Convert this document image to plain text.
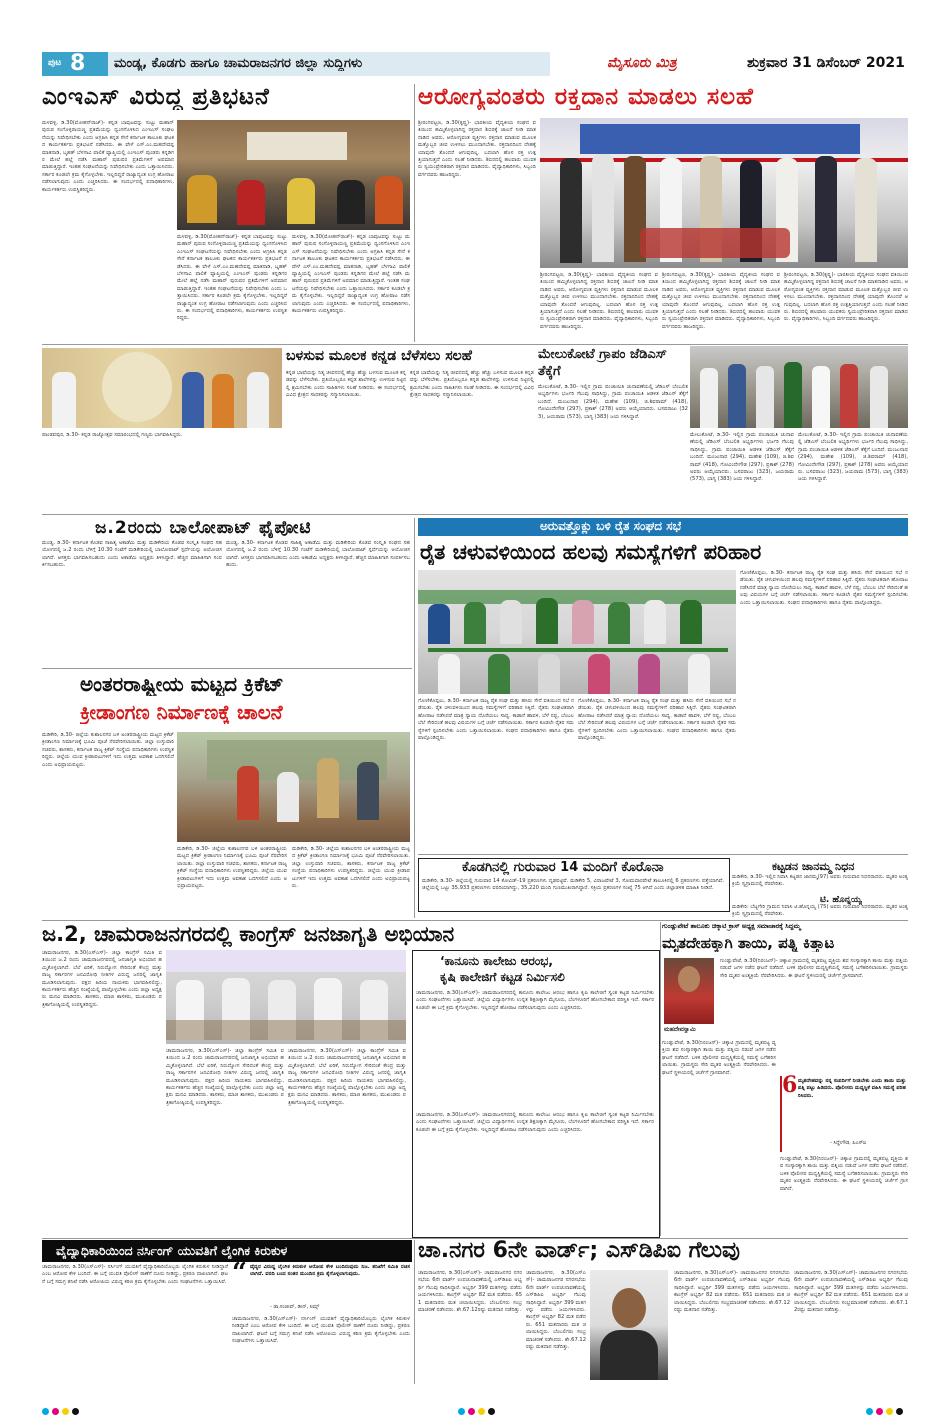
ಪುಟ 8 ಮಂಡ್ಯ, ಕೊಡಗು ಹಾಗೂ ಚಾಮರಾಜನಗರ ಜಿಲ್ಲಾ ಸುದ್ದಿಗಳು	ಮೈಸೂರು ಮಿತ್ರ	ಶುಕ್ರವಾರ 31 ಡಿಸೆಂಬರ್ 2021
ಎಂಇಎಸ್ ವಿರುದ್ಧ ಪ್ರತಿಭಟನೆ	ಆರೋಗ್ಯವಂತರು ರಕ್ತದಾನ ಮಾಡಲು ಸಲಹೆ
ಮಳವಳ್ಳಿ, ಡಿ.30(ಮೋಹನ್‌ರಾಜ್)- ಕನ್ನಡ ಬಾವುಟವನ್ನು ಸುಟ್ಟು ಮಹಾನ್ ಪುರುಷ ಸಂಗೊಳ್ಳಿರಾಯಣ್ಣ ಪ್ರತಿಮೆಯನ್ನು ಧ್ವಂಸಗೊಳಿಸಿದ ಎಂಇಎಸ್ ಸಂಘಟನೆಯನ್ನು ನಿಷೇಧಿಸಬೇಕು ಎಂದು ಆಗ್ರಹಿಸಿ ಕನ್ನಡ ಸೇನೆ ಕರ್ನಾಟಕ ತಾಲೂಕು ಘಟಕದ ಕಾರ್ಯಕರ್ತರು ಪ್ರತಿಭಟನೆ ನಡೆಸಿದರು. ಈ ವೇಳೆ ಎಸ್.ಎಂ.ಮಹದೇವಪ್ಪ ಮಾತನಾಡಿ, ಬೃಹತ್ ಬೆಳಗಾವಿ ಪಾಲಿಕೆ ವ್ಯಾಪ್ತಿಯಲ್ಲಿ ಎಂಇಎಸ್ ಪುಂಡರು ಕನ್ನಡಿಗರ ಮೇಲೆ ಹಲ್ಲೆ ನಡೆಸಿ ಮಹಾನ್ ಪುರುಷರ ಪ್ರತಿಮೆಗಳಿಗೆ ಅಪಮಾನ ಮಾಡುತ್ತಿದ್ದಾರೆ. ಇಂತಹ ಸಂಘಟನೆಯನ್ನು ನಿಷೇಧಿಸಬೇಕು ಎಂದು ಒತ್ತಾಯಿಸಿದರು. ಸರ್ಕಾರ ಕೂಡಲೇ ಕ್ರಮ ಕೈಗೊಳ್ಳಬೇಕು. ಇಲ್ಲದಿದ್ದರೆ ರಾಜ್ಯಾದ್ಯಂತ ಉಗ್ರ ಹೋರಾಟ ನಡೆಸಲಾಗುವುದು ಎಂದು ಎಚ್ಚರಿಸಿದರು. ಈ ಸಂದರ್ಭದಲ್ಲಿ ಪದಾಧಿಕಾರಿಗಳು, ಕಾರ್ಯಕರ್ತರು ಉಪಸ್ಥಿತರಿದ್ದರು.
ಮಳವಳ್ಳಿ, ಡಿ.30(ಮೋಹನ್‌ರಾಜ್)- ಕನ್ನಡ ಬಾವುಟವನ್ನು ಸುಟ್ಟು ಮಹಾನ್ ಪುರುಷ ಸಂಗೊಳ್ಳಿರಾಯಣ್ಣ ಪ್ರತಿಮೆಯನ್ನು ಧ್ವಂಸಗೊಳಿಸಿದ ಎಂಇಎಸ್ ಸಂಘಟನೆಯನ್ನು ನಿಷೇಧಿಸಬೇಕು ಎಂದು ಆಗ್ರಹಿಸಿ ಕನ್ನಡ ಸೇನೆ ಕರ್ನಾಟಕ ತಾಲೂಕು ಘಟಕದ ಕಾರ್ಯಕರ್ತರು ಪ್ರತಿಭಟನೆ ನಡೆಸಿದರು. ಈ ವೇಳೆ ಎಸ್.ಎಂ.ಮಹದೇವಪ್ಪ ಮಾತನಾಡಿ, ಬೃಹತ್ ಬೆಳಗಾವಿ ಪಾಲಿಕೆ ವ್ಯಾಪ್ತಿಯಲ್ಲಿ ಎಂಇಎಸ್ ಪುಂಡರು ಕನ್ನಡಿಗರ ಮೇಲೆ ಹಲ್ಲೆ ನಡೆಸಿ ಮಹಾನ್ ಪುರುಷರ ಪ್ರತಿಮೆಗಳಿಗೆ ಅಪಮಾನ ಮಾಡುತ್ತಿದ್ದಾರೆ. ಇಂತಹ ಸಂಘಟನೆಯನ್ನು ನಿಷೇಧಿಸಬೇಕು ಎಂದು ಒತ್ತಾಯಿಸಿದರು. ಸರ್ಕಾರ ಕೂಡಲೇ ಕ್ರಮ ಕೈಗೊಳ್ಳಬೇಕು. ಇಲ್ಲದಿದ್ದರೆ ರಾಜ್ಯಾದ್ಯಂತ ಉಗ್ರ ಹೋರಾಟ ನಡೆಸಲಾಗುವುದು ಎಂದು ಎಚ್ಚರಿಸಿದರು. ಈ ಸಂದರ್ಭದಲ್ಲಿ ಪದಾಧಿಕಾರಿಗಳು, ಕಾರ್ಯಕರ್ತರು ಉಪಸ್ಥಿತರಿದ್ದರು.
ಮಳವಳ್ಳಿ, ಡಿ.30(ಮೋಹನ್‌ರಾಜ್)- ಕನ್ನಡ ಬಾವುಟವನ್ನು ಸುಟ್ಟು ಮಹಾನ್ ಪುರುಷ ಸಂಗೊಳ್ಳಿರಾಯಣ್ಣ ಪ್ರತಿಮೆಯನ್ನು ಧ್ವಂಸಗೊಳಿಸಿದ ಎಂಇಎಸ್ ಸಂಘಟನೆಯನ್ನು ನಿಷೇಧಿಸಬೇಕು ಎಂದು ಆಗ್ರಹಿಸಿ ಕನ್ನಡ ಸೇನೆ ಕರ್ನಾಟಕ ತಾಲೂಕು ಘಟಕದ ಕಾರ್ಯಕರ್ತರು ಪ್ರತಿಭಟನೆ ನಡೆಸಿದರು. ಈ ವೇಳೆ ಎಸ್.ಎಂ.ಮಹದೇವಪ್ಪ ಮಾತನಾಡಿ, ಬೃಹತ್ ಬೆಳಗಾವಿ ಪಾಲಿಕೆ ವ್ಯಾಪ್ತಿಯಲ್ಲಿ ಎಂಇಎಸ್ ಪುಂಡರು ಕನ್ನಡಿಗರ ಮೇಲೆ ಹಲ್ಲೆ ನಡೆಸಿ ಮಹಾನ್ ಪುರುಷರ ಪ್ರತಿಮೆಗಳಿಗೆ ಅಪಮಾನ ಮಾಡುತ್ತಿದ್ದಾರೆ. ಇಂತಹ ಸಂಘಟನೆಯನ್ನು ನಿಷೇಧಿಸಬೇಕು ಎಂದು ಒತ್ತಾಯಿಸಿದರು. ಸರ್ಕಾರ ಕೂಡಲೇ ಕ್ರಮ ಕೈಗೊಳ್ಳಬೇಕು. ಇಲ್ಲದಿದ್ದರೆ ರಾಜ್ಯಾದ್ಯಂತ ಉಗ್ರ ಹೋರಾಟ ನಡೆಸಲಾಗುವುದು ಎಂದು ಎಚ್ಚರಿಸಿದರು. ಈ ಸಂದರ್ಭದಲ್ಲಿ ಪದಾಧಿಕಾರಿಗಳು, ಕಾರ್ಯಕರ್ತರು ಉಪಸ್ಥಿತರಿದ್ದರು.
ಶ್ರೀರಂಗಪಟ್ಟಣ, ಡಿ.30(ಕೃಷ್ಣ)- ಭಾರತೀಯ ವೈದ್ಯಕೀಯ ಸಂಘದ ವತಿಯಿಂದ ಹಮ್ಮಿಕೊಳ್ಳಲಾಗಿದ್ದ ರಕ್ತದಾನ ಶಿಬಿರಕ್ಕೆ ಚಾಲನೆ ನೀಡಿ ಮಾತನಾಡಿದ ಅವರು, ಆರೋಗ್ಯವಂತ ವ್ಯಕ್ತಿಗಳು ರಕ್ತದಾನ ಮಾಡುವ ಮೂಲಕ ಮತ್ತೊಬ್ಬರ ಜೀವ ಉಳಿಸಲು ಮುಂದಾಗಬೇಕು. ರಕ್ತದಾನದಿಂದ ದೇಹಕ್ಕೆ ಯಾವುದೇ ತೊಂದರೆ ಆಗುವುದಿಲ್ಲ. ಬದಲಾಗಿ ಹೊಸ ರಕ್ತ ಉತ್ಪತ್ತಿಯಾಗುತ್ತದೆ ಎಂದು ಸಲಹೆ ನೀಡಿದರು. ಶಿಬಿರದಲ್ಲಿ ಹಲವಾರು ಯುವಕರು ಸ್ವಯಂಪ್ರೇರಿತರಾಗಿ ರಕ್ತದಾನ ಮಾಡಿದರು. ವೈದ್ಯಾಧಿಕಾರಿಗಳು, ಸಿಬ್ಬಂದಿ ವರ್ಗದವರು ಹಾಜರಿದ್ದರು.
ಶ್ರೀರಂಗಪಟ್ಟಣ, ಡಿ.30(ಕೃಷ್ಣ)- ಭಾರತೀಯ ವೈದ್ಯಕೀಯ ಸಂಘದ ವತಿಯಿಂದ ಹಮ್ಮಿಕೊಳ್ಳಲಾಗಿದ್ದ ರಕ್ತದಾನ ಶಿಬಿರಕ್ಕೆ ಚಾಲನೆ ನೀಡಿ ಮಾತನಾಡಿದ ಅವರು, ಆರೋಗ್ಯವಂತ ವ್ಯಕ್ತಿಗಳು ರಕ್ತದಾನ ಮಾಡುವ ಮೂಲಕ ಮತ್ತೊಬ್ಬರ ಜೀವ ಉಳಿಸಲು ಮುಂದಾಗಬೇಕು. ರಕ್ತದಾನದಿಂದ ದೇಹಕ್ಕೆ ಯಾವುದೇ ತೊಂದರೆ ಆಗುವುದಿಲ್ಲ. ಬದಲಾಗಿ ಹೊಸ ರಕ್ತ ಉತ್ಪತ್ತಿಯಾಗುತ್ತದೆ ಎಂದು ಸಲಹೆ ನೀಡಿದರು. ಶಿಬಿರದಲ್ಲಿ ಹಲವಾರು ಯುವಕರು ಸ್ವಯಂಪ್ರೇರಿತರಾಗಿ ರಕ್ತದಾನ ಮಾಡಿದರು. ವೈದ್ಯಾಧಿಕಾರಿಗಳು, ಸಿಬ್ಬಂದಿ ವರ್ಗದವರು ಹಾಜರಿದ್ದರು.
ಶ್ರೀರಂಗಪಟ್ಟಣ, ಡಿ.30(ಕೃಷ್ಣ)- ಭಾರತೀಯ ವೈದ್ಯಕೀಯ ಸಂಘದ ವತಿಯಿಂದ ಹಮ್ಮಿಕೊಳ್ಳಲಾಗಿದ್ದ ರಕ್ತದಾನ ಶಿಬಿರಕ್ಕೆ ಚಾಲನೆ ನೀಡಿ ಮಾತನಾಡಿದ ಅವರು, ಆರೋಗ್ಯವಂತ ವ್ಯಕ್ತಿಗಳು ರಕ್ತದಾನ ಮಾಡುವ ಮೂಲಕ ಮತ್ತೊಬ್ಬರ ಜೀವ ಉಳಿಸಲು ಮುಂದಾಗಬೇಕು. ರಕ್ತದಾನದಿಂದ ದೇಹಕ್ಕೆ ಯಾವುದೇ ತೊಂದರೆ ಆಗುವುದಿಲ್ಲ. ಬದಲಾಗಿ ಹೊಸ ರಕ್ತ ಉತ್ಪತ್ತಿಯಾಗುತ್ತದೆ ಎಂದು ಸಲಹೆ ನೀಡಿದರು. ಶಿಬಿರದಲ್ಲಿ ಹಲವಾರು ಯುವಕರು ಸ್ವಯಂಪ್ರೇರಿತರಾಗಿ ರಕ್ತದಾನ ಮಾಡಿದರು. ವೈದ್ಯಾಧಿಕಾರಿಗಳು, ಸಿಬ್ಬಂದಿ ವರ್ಗದವರು ಹಾಜರಿದ್ದರು.
ಶ್ರೀರಂಗಪಟ್ಟಣ, ಡಿ.30(ಕೃಷ್ಣ)- ಭಾರತೀಯ ವೈದ್ಯಕೀಯ ಸಂಘದ ವತಿಯಿಂದ ಹಮ್ಮಿಕೊಳ್ಳಲಾಗಿದ್ದ ರಕ್ತದಾನ ಶಿಬಿರಕ್ಕೆ ಚಾಲನೆ ನೀಡಿ ಮಾತನಾಡಿದ ಅವರು, ಆರೋಗ್ಯವಂತ ವ್ಯಕ್ತಿಗಳು ರಕ್ತದಾನ ಮಾಡುವ ಮೂಲಕ ಮತ್ತೊಬ್ಬರ ಜೀವ ಉಳಿಸಲು ಮುಂದಾಗಬೇಕು. ರಕ್ತದಾನದಿಂದ ದೇಹಕ್ಕೆ ಯಾವುದೇ ತೊಂದರೆ ಆಗುವುದಿಲ್ಲ. ಬದಲಾಗಿ ಹೊಸ ರಕ್ತ ಉತ್ಪತ್ತಿಯಾಗುತ್ತದೆ ಎಂದು ಸಲಹೆ ನೀಡಿದರು. ಶಿಬಿರದಲ್ಲಿ ಹಲವಾರು ಯುವಕರು ಸ್ವಯಂಪ್ರೇರಿತರಾಗಿ ರಕ್ತದಾನ ಮಾಡಿದರು. ವೈದ್ಯಾಧಿಕಾರಿಗಳು, ಸಿಬ್ಬಂದಿ ವರ್ಗದವರು ಹಾಜರಿದ್ದರು.
ಪಾಂಡವಪುರ, ಡಿ.30- ಕನ್ನಡ ರಾಜ್ಯೋತ್ಸವ ಸಮಾರಂಭದಲ್ಲಿ ಗಣ್ಯರು ಭಾಗವಹಿಸಿದ್ದರು.
ಬಳಸುವ ಮೂಲಕ ಕನ್ನಡ ಬೆಳೆಸಲು ಸಲಹೆ
ಕನ್ನಡ ಭಾಷೆಯನ್ನು ನಿತ್ಯ ಜೀವನದಲ್ಲಿ ಹೆಚ್ಚು ಹೆಚ್ಚು ಬಳಸುವ ಮೂಲಕ ಕನ್ನಡವನ್ನು ಬೆಳೆಸಬೇಕು. ಪ್ರತಿಯೊಬ್ಬರೂ ಕನ್ನಡ ಶಾಲೆಗಳನ್ನು ಉಳಿಸುವ ನಿಟ್ಟಿನಲ್ಲಿ ಶ್ರಮಿಸಬೇಕು ಎಂದು ಸಾಹಿತಿಗಳು ಸಲಹೆ ನೀಡಿದರು. ಈ ಸಂದರ್ಭದಲ್ಲಿ ವಿವಿಧ ಕ್ಷೇತ್ರದ ಸಾಧಕರನ್ನು ಸನ್ಮಾನಿಸಲಾಯಿತು.
ಕನ್ನಡ ಭಾಷೆಯನ್ನು ನಿತ್ಯ ಜೀವನದಲ್ಲಿ ಹೆಚ್ಚು ಹೆಚ್ಚು ಬಳಸುವ ಮೂಲಕ ಕನ್ನಡವನ್ನು ಬೆಳೆಸಬೇಕು. ಪ್ರತಿಯೊಬ್ಬರೂ ಕನ್ನಡ ಶಾಲೆಗಳನ್ನು ಉಳಿಸುವ ನಿಟ್ಟಿನಲ್ಲಿ ಶ್ರಮಿಸಬೇಕು ಎಂದು ಸಾಹಿತಿಗಳು ಸಲಹೆ ನೀಡಿದರು. ಈ ಸಂದರ್ಭದಲ್ಲಿ ವಿವಿಧ ಕ್ಷೇತ್ರದ ಸಾಧಕರನ್ನು ಸನ್ಮಾನಿಸಲಾಯಿತು.
ಮೇಲುಕೋಟೆ ಗ್ರಾಪಂ ಜೆಡಿಎಸ್ ತೆಕ್ಕೆಗೆ
ಮೇಲುಕೋಟೆ, ಡಿ.30- ಇಲ್ಲಿನ ಗ್ರಾಮ ಪಂಚಾಯಿತಿ ಚುನಾವಣೆಯಲ್ಲಿ ಜೆಡಿಎಸ್ ಬೆಂಬಲಿತ ಅಭ್ಯರ್ಥಿಗಳು ಭರ್ಜರಿ ಗೆಲುವು ಸಾಧಿಸಿದ್ದು, ಗ್ರಾಮ ಪಂಚಾಯಿತಿ ಆಡಳಿತ ಜೆಡಿಎಸ್ ತೆಕ್ಕೆಗೆ ಬಂದಿದೆ. ಮಂಜುನಾಥ (294), ಮಹೇಶ (109), ಜಿ.ಶಿವರಾಮ್ (418), ಗೋವಿಂದೇಗೌಡ (297), ಪ್ರಕಾಶ್ (278) ಅವರು ಆಯ್ಕೆಯಾದರು. ಬಸವರಾಜು (323), ಜಯರಾಮ (573), ಭಾಗ್ಯ (383) ಜಯ ಗಳಿಸಿದ್ದಾರೆ.
ಮೇಲುಕೋಟೆ, ಡಿ.30- ಇಲ್ಲಿನ ಗ್ರಾಮ ಪಂಚಾಯಿತಿ ಚುನಾವಣೆಯಲ್ಲಿ ಜೆಡಿಎಸ್ ಬೆಂಬಲಿತ ಅಭ್ಯರ್ಥಿಗಳು ಭರ್ಜರಿ ಗೆಲುವು ಸಾಧಿಸಿದ್ದು, ಗ್ರಾಮ ಪಂಚಾಯಿತಿ ಆಡಳಿತ ಜೆಡಿಎಸ್ ತೆಕ್ಕೆಗೆ ಬಂದಿದೆ. ಮಂಜುನಾಥ (294), ಮಹೇಶ (109), ಜಿ.ಶಿವರಾಮ್ (418), ಗೋವಿಂದೇಗೌಡ (297), ಪ್ರಕಾಶ್ (278) ಅವರು ಆಯ್ಕೆಯಾದರು. ಬಸವರಾಜು (323), ಜಯರಾಮ (573), ಭಾಗ್ಯ (383) ಜಯ ಗಳಿಸಿದ್ದಾರೆ.
ಮೇಲುಕೋಟೆ, ಡಿ.30- ಇಲ್ಲಿನ ಗ್ರಾಮ ಪಂಚಾಯಿತಿ ಚುನಾವಣೆಯಲ್ಲಿ ಜೆಡಿಎಸ್ ಬೆಂಬಲಿತ ಅಭ್ಯರ್ಥಿಗಳು ಭರ್ಜರಿ ಗೆಲುವು ಸಾಧಿಸಿದ್ದು, ಗ್ರಾಮ ಪಂಚಾಯಿತಿ ಆಡಳಿತ ಜೆಡಿಎಸ್ ತೆಕ್ಕೆಗೆ ಬಂದಿದೆ. ಮಂಜುನಾಥ (294), ಮಹೇಶ (109), ಜಿ.ಶಿವರಾಮ್ (418), ಗೋವಿಂದೇಗೌಡ (297), ಪ್ರಕಾಶ್ (278) ಅವರು ಆಯ್ಕೆಯಾದರು. ಬಸವರಾಜು (323), ಜಯರಾಮ (573), ಭಾಗ್ಯ (383) ಜಯ ಗಳಿಸಿದ್ದಾರೆ.
ಜ.2ರಂದು ಬಾಲೋಪಾಟ್ ಫೈಪೋಟಿ
ಮಂಡ್ಯ, ಡಿ.30- ಕರ್ನಾಟಕ ಕೊಡವ ಸಾಹಿತ್ಯ ಅಕಾಡೆಮಿ ಮತ್ತು ಮಡಿಕೇರಿಯ ಕೊಡವ ಸಂಸ್ಕೃತಿ ಸಂಘದ ಸಹಯೋಗದಲ್ಲಿ ಜ.2 ರಂದು ಬೆಳಿಗ್ಗೆ 10.30 ಗಂಟೆಗೆ ಮಡಿಕೇರಿಯಲ್ಲಿ ಬಾಲೋಪಾಟ್ ಸ್ಪರ್ಧೆಯನ್ನು ಆಯೋಜಿಸಲಾಗಿದೆ. ಆಸಕ್ತರು ಭಾಗವಹಿಸಬಹುದು ಎಂದು ಅಕಾಡೆಮಿ ಅಧ್ಯಕ್ಷರು ತಿಳಿಸಿದ್ದಾರೆ. ಹೆಚ್ಚಿನ ಮಾಹಿತಿಗಾಗಿ ಸಂಪರ್ಕಿಸಬಹುದು.
ಮಂಡ್ಯ, ಡಿ.30- ಕರ್ನಾಟಕ ಕೊಡವ ಸಾಹಿತ್ಯ ಅಕಾಡೆಮಿ ಮತ್ತು ಮಡಿಕೇರಿಯ ಕೊಡವ ಸಂಸ್ಕೃತಿ ಸಂಘದ ಸಹಯೋಗದಲ್ಲಿ ಜ.2 ರಂದು ಬೆಳಿಗ್ಗೆ 10.30 ಗಂಟೆಗೆ ಮಡಿಕೇರಿಯಲ್ಲಿ ಬಾಲೋಪಾಟ್ ಸ್ಪರ್ಧೆಯನ್ನು ಆಯೋಜಿಸಲಾಗಿದೆ. ಆಸಕ್ತರು ಭಾಗವಹಿಸಬಹುದು ಎಂದು ಅಕಾಡೆಮಿ ಅಧ್ಯಕ್ಷರು ತಿಳಿಸಿದ್ದಾರೆ. ಹೆಚ್ಚಿನ ಮಾಹಿತಿಗಾಗಿ ಸಂಪರ್ಕಿಸಬಹುದು.
ಅಂತರರಾಷ್ಟ್ರೀಯ ಮಟ್ಟದ ಕ್ರಿಕೆಟ್
ಕ್ರೀಡಾಂಗಣ ನಿರ್ಮಾಣಕ್ಕೆ ಚಾಲನೆ
ಮಡಿಕೇರಿ, ಡಿ.30- ಜಿಲ್ಲೆಯ ಕುಶಾಲನಗರ ಬಳಿ ಅಂತರರಾಷ್ಟ್ರೀಯ ಮಟ್ಟದ ಕ್ರಿಕೆಟ್ ಕ್ರೀಡಾಂಗಣ ನಿರ್ಮಾಣಕ್ಕೆ ಭೂಮಿ ಪೂಜೆ ನೆರವೇರಿಸಲಾಯಿತು. ಜಿಲ್ಲಾ ಉಸ್ತುವಾರಿ ಸಚಿವರು, ಶಾಸಕರು, ಕರ್ನಾಟಕ ರಾಜ್ಯ ಕ್ರಿಕೆಟ್ ಸಂಸ್ಥೆಯ ಪದಾಧಿಕಾರಿಗಳು ಉಪಸ್ಥಿತರಿದ್ದರು. ಜಿಲ್ಲೆಯ ಯುವ ಕ್ರೀಡಾಪಟುಗಳಿಗೆ ಇದು ಉತ್ತಮ ಅವಕಾಶ ಒದಗಿಸಲಿದೆ ಎಂದು ಅಭಿಪ್ರಾಯಪಟ್ಟರು.
ಮಡಿಕೇರಿ, ಡಿ.30- ಜಿಲ್ಲೆಯ ಕುಶಾಲನಗರ ಬಳಿ ಅಂತರರಾಷ್ಟ್ರೀಯ ಮಟ್ಟದ ಕ್ರಿಕೆಟ್ ಕ್ರೀಡಾಂಗಣ ನಿರ್ಮಾಣಕ್ಕೆ ಭೂಮಿ ಪೂಜೆ ನೆರವೇರಿಸಲಾಯಿತು. ಜಿಲ್ಲಾ ಉಸ್ತುವಾರಿ ಸಚಿವರು, ಶಾಸಕರು, ಕರ್ನಾಟಕ ರಾಜ್ಯ ಕ್ರಿಕೆಟ್ ಸಂಸ್ಥೆಯ ಪದಾಧಿಕಾರಿಗಳು ಉಪಸ್ಥಿತರಿದ್ದರು. ಜಿಲ್ಲೆಯ ಯುವ ಕ್ರೀಡಾಪಟುಗಳಿಗೆ ಇದು ಉತ್ತಮ ಅವಕಾಶ ಒದಗಿಸಲಿದೆ ಎಂದು ಅಭಿಪ್ರಾಯಪಟ್ಟರು.
ಮಡಿಕೇರಿ, ಡಿ.30- ಜಿಲ್ಲೆಯ ಕುಶಾಲನಗರ ಬಳಿ ಅಂತರರಾಷ್ಟ್ರೀಯ ಮಟ್ಟದ ಕ್ರಿಕೆಟ್ ಕ್ರೀಡಾಂಗಣ ನಿರ್ಮಾಣಕ್ಕೆ ಭೂಮಿ ಪೂಜೆ ನೆರವೇರಿಸಲಾಯಿತು. ಜಿಲ್ಲಾ ಉಸ್ತುವಾರಿ ಸಚಿವರು, ಶಾಸಕರು, ಕರ್ನಾಟಕ ರಾಜ್ಯ ಕ್ರಿಕೆಟ್ ಸಂಸ್ಥೆಯ ಪದಾಧಿಕಾರಿಗಳು ಉಪಸ್ಥಿತರಿದ್ದರು. ಜಿಲ್ಲೆಯ ಯುವ ಕ್ರೀಡಾಪಟುಗಳಿಗೆ ಇದು ಉತ್ತಮ ಅವಕಾಶ ಒದಗಿಸಲಿದೆ ಎಂದು ಅಭಿಪ್ರಾಯಪಟ್ಟರು.
ಅರುವತ್ತೊಕ್ಲು ಬಳಿ ರೈತ ಸಂಘದ ಸಭೆ
ರೈತ ಚಳುವಳಿಯಿಂದ ಹಲವು ಸಮಸ್ಯೆಗಳಿಗೆ ಪರಿಹಾರ
ಗೋಣಿಕೊಪ್ಪಲು, ಡಿ.30- ಕರ್ನಾಟಕ ರಾಜ್ಯ ರೈತ ಸಂಘ ಮತ್ತು ಹಸಿರು ಸೇನೆ ವತಿಯಿಂದ ಸಭೆ ನಡೆಯಿತು. ರೈತ ಚಳುವಳಿಯಿಂದ ಹಲವು ಸಮಸ್ಯೆಗಳಿಗೆ ಪರಿಹಾರ ಸಿಕ್ಕಿದೆ. ರೈತರು ಸಂಘಟಿತರಾಗಿ ಹೋರಾಟ ನಡೆಸಿದರೆ ಮಾತ್ರ ನ್ಯಾಯ ದೊರೆಯಲು ಸಾಧ್ಯ. ಕಾಡಾನೆ ಹಾವಳಿ, ಬೆಳೆ ನಷ್ಟ, ಬೆಂಬಲ ಬೆಲೆ ಸೇರಿದಂತೆ ಹಲವು ವಿಷಯಗಳ ಬಗ್ಗೆ ಚರ್ಚೆ ನಡೆಸಲಾಯಿತು. ಸರ್ಕಾರ ಕೂಡಲೇ ರೈತರ ಸಮಸ್ಯೆಗಳಿಗೆ ಸ್ಪಂದಿಸಬೇಕು ಎಂದು ಒತ್ತಾಯಿಸಲಾಯಿತು. ಸಂಘದ ಪದಾಧಿಕಾರಿಗಳು ಹಾಗೂ ರೈತರು ಪಾಲ್ಗೊಂಡಿದ್ದರು.
ಗೋಣಿಕೊಪ್ಪಲು, ಡಿ.30- ಕರ್ನಾಟಕ ರಾಜ್ಯ ರೈತ ಸಂಘ ಮತ್ತು ಹಸಿರು ಸೇನೆ ವತಿಯಿಂದ ಸಭೆ ನಡೆಯಿತು. ರೈತ ಚಳುವಳಿಯಿಂದ ಹಲವು ಸಮಸ್ಯೆಗಳಿಗೆ ಪರಿಹಾರ ಸಿಕ್ಕಿದೆ. ರೈತರು ಸಂಘಟಿತರಾಗಿ ಹೋರಾಟ ನಡೆಸಿದರೆ ಮಾತ್ರ ನ್ಯಾಯ ದೊರೆಯಲು ಸಾಧ್ಯ. ಕಾಡಾನೆ ಹಾವಳಿ, ಬೆಳೆ ನಷ್ಟ, ಬೆಂಬಲ ಬೆಲೆ ಸೇರಿದಂತೆ ಹಲವು ವಿಷಯಗಳ ಬಗ್ಗೆ ಚರ್ಚೆ ನಡೆಸಲಾಯಿತು. ಸರ್ಕಾರ ಕೂಡಲೇ ರೈತರ ಸಮಸ್ಯೆಗಳಿಗೆ ಸ್ಪಂದಿಸಬೇಕು ಎಂದು ಒತ್ತಾಯಿಸಲಾಯಿತು. ಸಂಘದ ಪದಾಧಿಕಾರಿಗಳು ಹಾಗೂ ರೈತರು ಪಾಲ್ಗೊಂಡಿದ್ದರು.
ಗೋಣಿಕೊಪ್ಪಲು, ಡಿ.30- ಕರ್ನಾಟಕ ರಾಜ್ಯ ರೈತ ಸಂಘ ಮತ್ತು ಹಸಿರು ಸೇನೆ ವತಿಯಿಂದ ಸಭೆ ನಡೆಯಿತು. ರೈತ ಚಳುವಳಿಯಿಂದ ಹಲವು ಸಮಸ್ಯೆಗಳಿಗೆ ಪರಿಹಾರ ಸಿಕ್ಕಿದೆ. ರೈತರು ಸಂಘಟಿತರಾಗಿ ಹೋರಾಟ ನಡೆಸಿದರೆ ಮಾತ್ರ ನ್ಯಾಯ ದೊರೆಯಲು ಸಾಧ್ಯ. ಕಾಡಾನೆ ಹಾವಳಿ, ಬೆಳೆ ನಷ್ಟ, ಬೆಂಬಲ ಬೆಲೆ ಸೇರಿದಂತೆ ಹಲವು ವಿಷಯಗಳ ಬಗ್ಗೆ ಚರ್ಚೆ ನಡೆಸಲಾಯಿತು. ಸರ್ಕಾರ ಕೂಡಲೇ ರೈತರ ಸಮಸ್ಯೆಗಳಿಗೆ ಸ್ಪಂದಿಸಬೇಕು ಎಂದು ಒತ್ತಾಯಿಸಲಾಯಿತು. ಸಂಘದ ಪದಾಧಿಕಾರಿಗಳು ಹಾಗೂ ರೈತರು ಪಾಲ್ಗೊಂಡಿದ್ದರು.
ಕೊಡಗಿನಲ್ಲಿ ಗುರುವಾರ 14 ಮಂದಿಗೆ ಕೊರೊನಾ
ಮಡಿಕೇರಿ, ಡಿ.30- ಜಿಲ್ಲೆಯಲ್ಲಿ ಗುರುವಾರ 14 ಕೋವಿಡ್-19 ಪ್ರಕರಣಗಳು ದೃಢಪಟ್ಟಿವೆ. ಮಡಿಕೇರಿ 5, ವಿರಾಜಪೇಟೆ 3, ಸೋಮವಾರಪೇಟೆ ತಾಲೂಕಿನಲ್ಲಿ 6 ಪ್ರಕರಣಗಳು ಪತ್ತೆಯಾಗಿವೆ. ಜಿಲ್ಲೆಯಲ್ಲಿ ಒಟ್ಟು 35,933 ಪ್ರಕರಣಗಳು ವರದಿಯಾಗಿದ್ದು, 35,220 ಮಂದಿ ಗುಣಮುಖರಾಗಿದ್ದಾರೆ. ಸಕ್ರಿಯ ಪ್ರಕರಣಗಳ ಸಂಖ್ಯೆ 75 ಆಗಿದೆ ಎಂದು ಜಿಲ್ಲಾಡಳಿತ ಮಾಹಿತಿ ನೀಡಿದೆ.
ಕಟ್ಟಡನ ಜಾನಮ್ಮ ನಿಧನ
ಮಡಿಕೇರಿ, ಡಿ.30- ಇಲ್ಲಿನ ನಿವಾಸಿ ಕಟ್ಟಡನ ಜಾನಮ್ಮ(97) ಅವರು ಗುರುವಾರ ನಿಧನರಾದರು. ಮೃತರ ಅಂತ್ಯಕ್ರಿಯೆ ಸ್ವಗ್ರಾಮದಲ್ಲಿ ನೆರವೇರಿತು.
ಟಿ. ಹೊನ್ನಯ್ಯ
ಮಡಿಕೇರಿ: ಬೆಟ್ಟಗೇರಿ ಗ್ರಾಮದ ನಿವಾಸಿ ಟಿ.ಹೊನ್ನಯ್ಯ (75) ಅವರು ಗುರುವಾರ ನಿಧನರಾದರು. ಮೃತರ ಅಂತ್ಯಕ್ರಿಯೆ ಸ್ವಗ್ರಾಮದಲ್ಲಿ ನೆರವೇರಿತು.
ಜ.2, ಚಾಮರಾಜನಗರದಲ್ಲಿ ಕಾಂಗ್ರೆಸ್ ಜನಜಾಗೃತಿ ಅಭಿಯಾನ
ಚಾಮರಾಜನಗರ, ಡಿ.30(ಎಸ್‌ಎಸ್)- ಜಿಲ್ಲಾ ಕಾಂಗ್ರೆಸ್ ಸಮಿತಿ ವತಿಯಿಂದ ಜ.2 ರಂದು ಚಾಮರಾಜನಗರದಲ್ಲಿ ಜನಜಾಗೃತಿ ಅಭಿಯಾನ ಹಮ್ಮಿಕೊಳ್ಳಲಾಗಿದೆ. ಬೆಲೆ ಏರಿಕೆ, ನಿರುದ್ಯೋಗ ಸೇರಿದಂತೆ ಕೇಂದ್ರ ಮತ್ತು ರಾಜ್ಯ ಸರ್ಕಾರಗಳ ಜನವಿರೋಧಿ ನೀತಿಗಳ ವಿರುದ್ಧ ಜನರಲ್ಲಿ ಜಾಗೃತಿ ಮೂಡಿಸಲಾಗುವುದು. ಪಕ್ಷದ ಹಿರಿಯ ನಾಯಕರು ಭಾಗವಹಿಸಲಿದ್ದು, ಕಾರ್ಯಕರ್ತರು ಹೆಚ್ಚಿನ ಸಂಖ್ಯೆಯಲ್ಲಿ ಪಾಲ್ಗೊಳ್ಳಬೇಕು ಎಂದು ಜಿಲ್ಲಾ ಅಧ್ಯಕ್ಷರು ಮನವಿ ಮಾಡಿದರು. ಶಾಸಕರು, ಮಾಜಿ ಶಾಸಕರು, ಮುಖಂಡರು ಪತ್ರಿಕಾಗೋಷ್ಠಿಯಲ್ಲಿ ಉಪಸ್ಥಿತರಿದ್ದರು.
ಚಾಮರಾಜನಗರ, ಡಿ.30(ಎಸ್‌ಎಸ್)- ಜಿಲ್ಲಾ ಕಾಂಗ್ರೆಸ್ ಸಮಿತಿ ವತಿಯಿಂದ ಜ.2 ರಂದು ಚಾಮರಾಜನಗರದಲ್ಲಿ ಜನಜಾಗೃತಿ ಅಭಿಯಾನ ಹಮ್ಮಿಕೊಳ್ಳಲಾಗಿದೆ. ಬೆಲೆ ಏರಿಕೆ, ನಿರುದ್ಯೋಗ ಸೇರಿದಂತೆ ಕೇಂದ್ರ ಮತ್ತು ರಾಜ್ಯ ಸರ್ಕಾರಗಳ ಜನವಿರೋಧಿ ನೀತಿಗಳ ವಿರುದ್ಧ ಜನರಲ್ಲಿ ಜಾಗೃತಿ ಮೂಡಿಸಲಾಗುವುದು. ಪಕ್ಷದ ಹಿರಿಯ ನಾಯಕರು ಭಾಗವಹಿಸಲಿದ್ದು, ಕಾರ್ಯಕರ್ತರು ಹೆಚ್ಚಿನ ಸಂಖ್ಯೆಯಲ್ಲಿ ಪಾಲ್ಗೊಳ್ಳಬೇಕು ಎಂದು ಜಿಲ್ಲಾ ಅಧ್ಯಕ್ಷರು ಮನವಿ ಮಾಡಿದರು. ಶಾಸಕರು, ಮಾಜಿ ಶಾಸಕರು, ಮುಖಂಡರು ಪತ್ರಿಕಾಗೋಷ್ಠಿಯಲ್ಲಿ ಉಪಸ್ಥಿತರಿದ್ದರು.
ಚಾಮರಾಜನಗರ, ಡಿ.30(ಎಸ್‌ಎಸ್)- ಜಿಲ್ಲಾ ಕಾಂಗ್ರೆಸ್ ಸಮಿತಿ ವತಿಯಿಂದ ಜ.2 ರಂದು ಚಾಮರಾಜನಗರದಲ್ಲಿ ಜನಜಾಗೃತಿ ಅಭಿಯಾನ ಹಮ್ಮಿಕೊಳ್ಳಲಾಗಿದೆ. ಬೆಲೆ ಏರಿಕೆ, ನಿರುದ್ಯೋಗ ಸೇರಿದಂತೆ ಕೇಂದ್ರ ಮತ್ತು ರಾಜ್ಯ ಸರ್ಕಾರಗಳ ಜನವಿರೋಧಿ ನೀತಿಗಳ ವಿರುದ್ಧ ಜನರಲ್ಲಿ ಜಾಗೃತಿ ಮೂಡಿಸಲಾಗುವುದು. ಪಕ್ಷದ ಹಿರಿಯ ನಾಯಕರು ಭಾಗವಹಿಸಲಿದ್ದು, ಕಾರ್ಯಕರ್ತರು ಹೆಚ್ಚಿನ ಸಂಖ್ಯೆಯಲ್ಲಿ ಪಾಲ್ಗೊಳ್ಳಬೇಕು ಎಂದು ಜಿಲ್ಲಾ ಅಧ್ಯಕ್ಷರು ಮನವಿ ಮಾಡಿದರು. ಶಾಸಕರು, ಮಾಜಿ ಶಾಸಕರು, ಮುಖಂಡರು ಪತ್ರಿಕಾಗೋಷ್ಠಿಯಲ್ಲಿ ಉಪಸ್ಥಿತರಿದ್ದರು.
‘ಕಾನೂನು ಕಾಲೇಜು ಆರಂಭ,
ಕೃಷಿ ಕಾಲೇಜಿಗೆ ಕಟ್ಟಡ ನಿರ್ಮಿಸಲಿ
ಚಾಮರಾಜನಗರ, ಡಿ.30(ಎಸ್‌ಎಸ್)- ಚಾಮರಾಜನಗರದಲ್ಲಿ ಕಾನೂನು ಕಾಲೇಜು ಆರಂಭ ಹಾಗೂ ಕೃಷಿ ಕಾಲೇಜಿಗೆ ಸ್ವಂತ ಕಟ್ಟಡ ನಿರ್ಮಿಸಬೇಕು ಎಂದು ಸಂಘಟನೆಗಳು ಒತ್ತಾಯಿಸಿವೆ. ಜಿಲ್ಲೆಯ ವಿದ್ಯಾರ್ಥಿಗಳು ಉನ್ನತ ಶಿಕ್ಷಣಕ್ಕಾಗಿ ಮೈಸೂರು, ಬೆಂಗಳೂರಿಗೆ ಹೋಗಬೇಕಾದ ಪರಿಸ್ಥಿತಿ ಇದೆ. ಸರ್ಕಾರ ಕೂಡಲೇ ಈ ಬಗ್ಗೆ ಕ್ರಮ ಕೈಗೊಳ್ಳಬೇಕು. ಇಲ್ಲದಿದ್ದರೆ ಹೋರಾಟ ನಡೆಸಲಾಗುವುದು ಎಂದು ಎಚ್ಚರಿಸಿದರು.
ಚಾಮರಾಜನಗರ, ಡಿ.30(ಎಸ್‌ಎಸ್)- ಚಾಮರಾಜನಗರದಲ್ಲಿ ಕಾನೂನು ಕಾಲೇಜು ಆರಂಭ ಹಾಗೂ ಕೃಷಿ ಕಾಲೇಜಿಗೆ ಸ್ವಂತ ಕಟ್ಟಡ ನಿರ್ಮಿಸಬೇಕು ಎಂದು ಸಂಘಟನೆಗಳು ಒತ್ತಾಯಿಸಿವೆ. ಜಿಲ್ಲೆಯ ವಿದ್ಯಾರ್ಥಿಗಳು ಉನ್ನತ ಶಿಕ್ಷಣಕ್ಕಾಗಿ ಮೈಸೂರು, ಬೆಂಗಳೂರಿಗೆ ಹೋಗಬೇಕಾದ ಪರಿಸ್ಥಿತಿ ಇದೆ. ಸರ್ಕಾರ ಕೂಡಲೇ ಈ ಬಗ್ಗೆ ಕ್ರಮ ಕೈಗೊಳ್ಳಬೇಕು. ಇಲ್ಲದಿದ್ದರೆ ಹೋರಾಟ ನಡೆಸಲಾಗುವುದು ಎಂದು ಎಚ್ಚರಿಸಿದರು.
ಗುಂಡ್ಲುಪೇಟೆ ತಾಲೂಕು ಚಿಕ್ಕಾಟಿ ಕ್ರಾಸ್ ಅಧ್ಯಕ್ಷ ಸಮಾಚಾರಕ್ಕೆ ಸಿದ್ದಮ್ಮ
ಮೃತದೇಹಕ್ಕಾಗಿ ತಾಯಿ, ಪತ್ನಿ ಕಿತ್ತಾಟ
ಮಹದೇವಸ್ವಾಮಿ
ಗುಂಡ್ಲುಪೇಟೆ, ಡಿ.30(ನಿರಂಜನ್)- ಚಿಕ್ಕಾಟಿ ಗ್ರಾಮದಲ್ಲಿ ಮೃತಪಟ್ಟ ವ್ಯಕ್ತಿಯ ಶವ ಸಂಸ್ಕಾರಕ್ಕಾಗಿ ತಾಯಿ ಮತ್ತು ಪತ್ನಿಯ ನಡುವೆ ಜಗಳ ನಡೆದ ಘಟನೆ ನಡೆದಿದೆ. ಬಳಿಕ ಪೊಲೀಸರ ಮಧ್ಯಸ್ಥಿಕೆಯಲ್ಲಿ ಸಮಸ್ಯೆ ಬಗೆಹರಿಸಲಾಯಿತು. ಗ್ರಾಮಸ್ಥರು ಸೇರಿ ಮೃತರ ಅಂತ್ಯಕ್ರಿಯೆ ನೆರವೇರಿಸಿದರು. ಈ ಘಟನೆ ಸ್ಥಳೀಯರಲ್ಲಿ ಚರ್ಚೆಗೆ ಗ್ರಾಸವಾಗಿದೆ.
ಗುಂಡ್ಲುಪೇಟೆ, ಡಿ.30(ನಿರಂಜನ್)- ಚಿಕ್ಕಾಟಿ ಗ್ರಾಮದಲ್ಲಿ ಮೃತಪಟ್ಟ ವ್ಯಕ್ತಿಯ ಶವ ಸಂಸ್ಕಾರಕ್ಕಾಗಿ ತಾಯಿ ಮತ್ತು ಪತ್ನಿಯ ನಡುವೆ ಜಗಳ ನಡೆದ ಘಟನೆ ನಡೆದಿದೆ. ಬಳಿಕ ಪೊಲೀಸರ ಮಧ್ಯಸ್ಥಿಕೆಯಲ್ಲಿ ಸಮಸ್ಯೆ ಬಗೆಹರಿಸಲಾಯಿತು. ಗ್ರಾಮಸ್ಥರು ಸೇರಿ ಮೃತರ ಅಂತ್ಯಕ್ರಿಯೆ ನೆರವೇರಿಸಿದರು. ಈ ಘಟನೆ ಸ್ಥಳೀಯರಲ್ಲಿ ಚರ್ಚೆಗೆ ಗ್ರಾಸವಾಗಿದೆ.	6 ಮೃತದೇಹವನ್ನು ನನ್ನ ಸುಪರ್ದಿಗೆ ನೀಡಬೇಕು ಎಂದು ತಾಯಿ ಮತ್ತು ಪತ್ನಿ ಪಟ್ಟು ಹಿಡಿದರು. ಪೊಲೀಸರು ಮಧ್ಯಸ್ಥಿಕೆ ವಹಿಸಿ ಸಮಸ್ಯೆ ಪರಿಹರಿಸಿದರು.
- ಸಿದ್ದೇಗೌಡ, ಪಿಎಸ್‌ಐ
ಗುಂಡ್ಲುಪೇಟೆ, ಡಿ.30(ನಿರಂಜನ್)- ಚಿಕ್ಕಾಟಿ ಗ್ರಾಮದಲ್ಲಿ ಮೃತಪಟ್ಟ ವ್ಯಕ್ತಿಯ ಶವ ಸಂಸ್ಕಾರಕ್ಕಾಗಿ ತಾಯಿ ಮತ್ತು ಪತ್ನಿಯ ನಡುವೆ ಜಗಳ ನಡೆದ ಘಟನೆ ನಡೆದಿದೆ. ಬಳಿಕ ಪೊಲೀಸರ ಮಧ್ಯಸ್ಥಿಕೆಯಲ್ಲಿ ಸಮಸ್ಯೆ ಬಗೆಹರಿಸಲಾಯಿತು. ಗ್ರಾಮಸ್ಥರು ಸೇರಿ ಮೃತರ ಅಂತ್ಯಕ್ರಿಯೆ ನೆರವೇರಿಸಿದರು. ಈ ಘಟನೆ ಸ್ಥಳೀಯರಲ್ಲಿ ಚರ್ಚೆಗೆ ಗ್ರಾಸವಾಗಿದೆ.
ವೈದ್ಯಾಧಿಕಾರಿಯಿಂದ ನರ್ಸಿಂಗ್ ಯುವತಿಗೆ ಲೈಂಗಿಕ ಕಿರುಕುಳ
ಚಾಮರಾಜನಗರ, ಡಿ.30(ಎಸ್‌ಎಸ್)- ನರ್ಸಿಂಗ್ ಯುವತಿಗೆ ವೈದ್ಯಾಧಿಕಾರಿಯೊಬ್ಬರು ಲೈಂಗಿಕ ಕಿರುಕುಳ ನೀಡಿದ್ದಾರೆ ಎಂಬ ಆರೋಪ ಕೇಳಿ ಬಂದಿದೆ. ಈ ಬಗ್ಗೆ ಯುವತಿ ಪೊಲೀಸ್ ಠಾಣೆಗೆ ದೂರು ನೀಡಿದ್ದು, ಪ್ರಕರಣ ದಾಖಲಾಗಿದೆ. ಘಟನೆ ಬಗ್ಗೆ ಸಮಗ್ರ ತನಿಖೆ ನಡೆಸಿ ಆರೋಪಿಯ ವಿರುದ್ಧ ಕಠಿಣ ಕ್ರಮ ಕೈಗೊಳ್ಳಬೇಕು ಎಂದು ಸಂಘಟನೆಗಳು ಒತ್ತಾಯಿಸಿವೆ. “ ವೈದ್ಯರ ವಿರುದ್ಧ ಲೈಂಗಿಕ ಕಿರುಕುಳ ಆರೋಪ ಕೇಳಿ ಬಂದಿರುವುದು ನಿಜ. ತನಿಖೆಗೆ ಸಮಿತಿ ರಚಿಸಲಾಗಿದೆ. ವರದಿ ಬಂದ ನಂತರ ಮುಂದಿನ ಕ್ರಮ ಕೈಗೊಳ್ಳಲಾಗುವುದು.
- ಡಾ.ಸಂಜೀವ್, ಡೀನ್, ಸಿಮ್ಸ್
ಚಾಮರಾಜನಗರ, ಡಿ.30(ಎಸ್‌ಎಸ್)- ನರ್ಸಿಂಗ್ ಯುವತಿಗೆ ವೈದ್ಯಾಧಿಕಾರಿಯೊಬ್ಬರು ಲೈಂಗಿಕ ಕಿರುಕುಳ ನೀಡಿದ್ದಾರೆ ಎಂಬ ಆರೋಪ ಕೇಳಿ ಬಂದಿದೆ. ಈ ಬಗ್ಗೆ ಯುವತಿ ಪೊಲೀಸ್ ಠಾಣೆಗೆ ದೂರು ನೀಡಿದ್ದು, ಪ್ರಕರಣ ದಾಖಲಾಗಿದೆ. ಘಟನೆ ಬಗ್ಗೆ ಸಮಗ್ರ ತನಿಖೆ ನಡೆಸಿ ಆರೋಪಿಯ ವಿರುದ್ಧ ಕಠಿಣ ಕ್ರಮ ಕೈಗೊಳ್ಳಬೇಕು ಎಂದು ಸಂಘಟನೆಗಳು ಒತ್ತಾಯಿಸಿವೆ.
ಚಾ.ನಗರ 6ನೇ ವಾರ್ಡ್; ಎಸ್‌ಡಿಪಿಐ ಗೆಲುವು
ಚಾಮರಾಜನಗರ, ಡಿ.30(ಎಸ್‌ಎಸ್)- ಚಾಮರಾಜನಗರ ನಗರಸಭೆಯ 6ನೇ ವಾರ್ಡ್ ಉಪಚುನಾವಣೆಯಲ್ಲಿ ಎಸ್‌ಡಿಪಿಐ ಅಭ್ಯರ್ಥಿ ಗೆಲುವು ಸಾಧಿಸಿದ್ದಾರೆ. ಅಭ್ಯರ್ಥಿ 399 ಮತಗಳನ್ನು ಪಡೆದು ಜಯಗಳಿಸಿದರು. ಕಾಂಗ್ರೆಸ್ ಅಭ್ಯರ್ಥಿ 82 ಮತ ಪಡೆದರು. 651 ಮತದಾರರು ಮತ ಚಲಾಯಿಸಿದ್ದರು. ಬೆಂಬಲಿಗರು ಸಂಭ್ರಮಾಚರಣೆ ನಡೆಸಿದರು. ಶೇ.67.12ರಷ್ಟು ಮತದಾನ ನಡೆದಿತ್ತು.
ಚಾಮರಾಜನಗರ, ಡಿ.30(ಎಸ್‌ಎಸ್)- ಚಾಮರಾಜನಗರ ನಗರಸಭೆಯ 6ನೇ ವಾರ್ಡ್ ಉಪಚುನಾವಣೆಯಲ್ಲಿ ಎಸ್‌ಡಿಪಿಐ ಅಭ್ಯರ್ಥಿ ಗೆಲುವು ಸಾಧಿಸಿದ್ದಾರೆ. ಅಭ್ಯರ್ಥಿ 399 ಮತಗಳನ್ನು ಪಡೆದು ಜಯಗಳಿಸಿದರು. ಕಾಂಗ್ರೆಸ್ ಅಭ್ಯರ್ಥಿ 82 ಮತ ಪಡೆದರು. 651 ಮತದಾರರು ಮತ ಚಲಾಯಿಸಿದ್ದರು. ಬೆಂಬಲಿಗರು ಸಂಭ್ರಮಾಚರಣೆ ನಡೆಸಿದರು. ಶೇ.67.12ರಷ್ಟು ಮತದಾನ ನಡೆದಿತ್ತು.
ಚಾಮರಾಜನಗರ, ಡಿ.30(ಎಸ್‌ಎಸ್)- ಚಾಮರಾಜನಗರ ನಗರಸಭೆಯ 6ನೇ ವಾರ್ಡ್ ಉಪಚುನಾವಣೆಯಲ್ಲಿ ಎಸ್‌ಡಿಪಿಐ ಅಭ್ಯರ್ಥಿ ಗೆಲುವು ಸಾಧಿಸಿದ್ದಾರೆ. ಅಭ್ಯರ್ಥಿ 399 ಮತಗಳನ್ನು ಪಡೆದು ಜಯಗಳಿಸಿದರು. ಕಾಂಗ್ರೆಸ್ ಅಭ್ಯರ್ಥಿ 82 ಮತ ಪಡೆದರು. 651 ಮತದಾರರು ಮತ ಚಲಾಯಿಸಿದ್ದರು. ಬೆಂಬಲಿಗರು ಸಂಭ್ರಮಾಚರಣೆ ನಡೆಸಿದರು. ಶೇ.67.12ರಷ್ಟು ಮತದಾನ ನಡೆದಿತ್ತು.
ಚಾಮರಾಜನಗರ, ಡಿ.30(ಎಸ್‌ಎಸ್)- ಚಾಮರಾಜನಗರ ನಗರಸಭೆಯ 6ನೇ ವಾರ್ಡ್ ಉಪಚುನಾವಣೆಯಲ್ಲಿ ಎಸ್‌ಡಿಪಿಐ ಅಭ್ಯರ್ಥಿ ಗೆಲುವು ಸಾಧಿಸಿದ್ದಾರೆ. ಅಭ್ಯರ್ಥಿ 399 ಮತಗಳನ್ನು ಪಡೆದು ಜಯಗಳಿಸಿದರು. ಕಾಂಗ್ರೆಸ್ ಅಭ್ಯರ್ಥಿ 82 ಮತ ಪಡೆದರು. 651 ಮತದಾರರು ಮತ ಚಲಾಯಿಸಿದ್ದರು. ಬೆಂಬಲಿಗರು ಸಂಭ್ರಮಾಚರಣೆ ನಡೆಸಿದರು. ಶೇ.67.12ರಷ್ಟು ಮತದಾನ ನಡೆದಿತ್ತು.
